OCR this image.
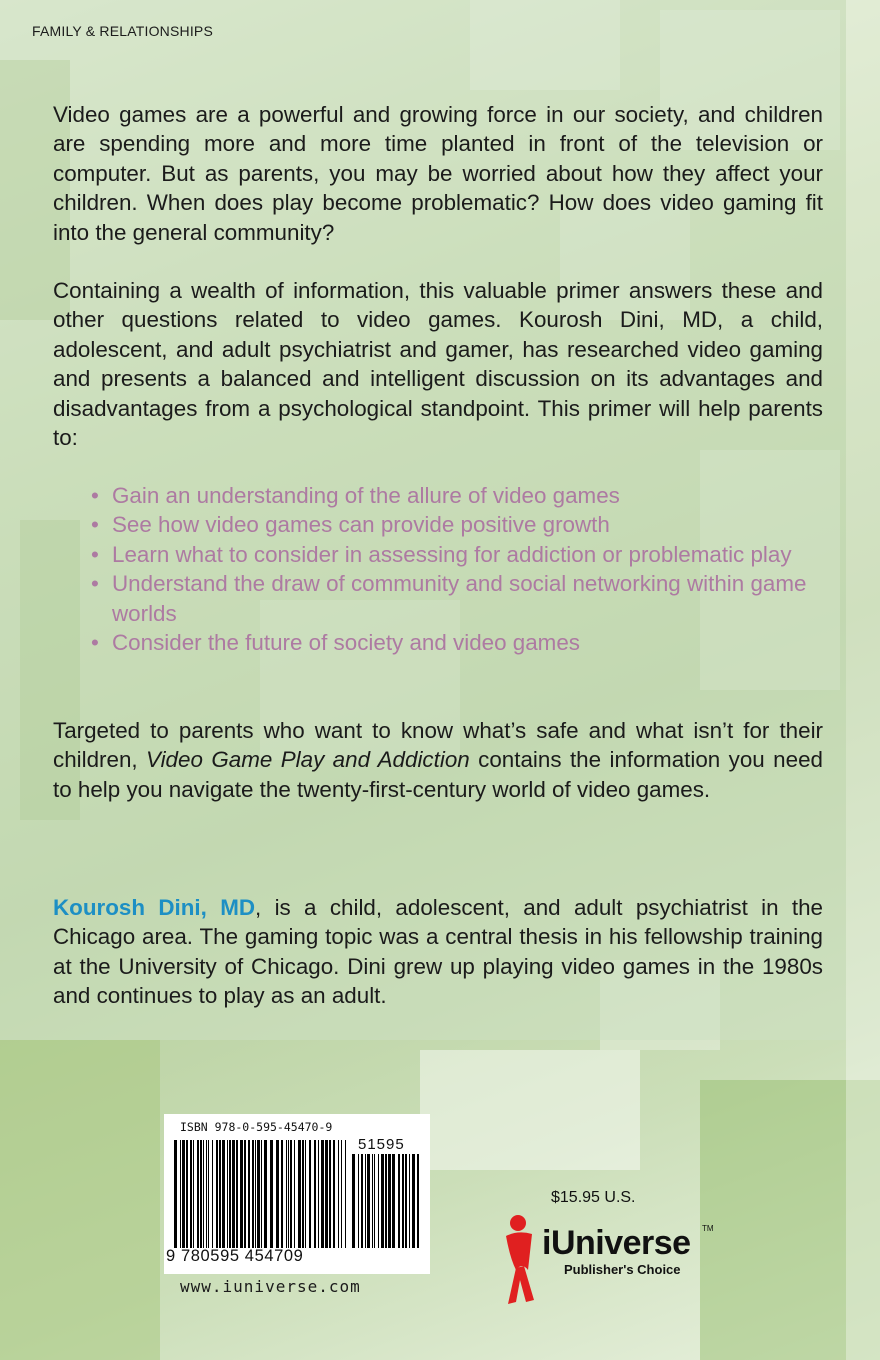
FAMILY & RELATIONSHIPS

Video games are a powerful and growing force in our society, and children are spending more and more time planted in front of the television or computer. But as parents, you may be worried about how they affect your children. When does play become problematic? How does video gaming fit into the general community?

Containing a wealth of information, this valuable primer answers these and other questions related to video games. Kourosh Dini, MD, a child, adolescent, and adult psychiatrist and gamer, has researched video gaming and presents a balanced and intelligent discussion on its advantages and disadvantages from a psychological standpoint. This primer will help parents to:

• Gain an understanding of the allure of video games
• See how video games can provide positive growth
• Learn what to consider in assessing for addiction or problematic play
• Understand the draw of community and social networking within game worlds
• Consider the future of society and video games

Targeted to parents who want to know what’s safe and what isn’t for their children, Video Game Play and Addiction contains the information you need to help you navigate the twenty-first-century world of video games.

Kourosh Dini, MD, is a child, adolescent, and adult psychiatrist in the Chicago area. The gaming topic was a central thesis in his fellowship training at the University of Chicago. Dini grew up playing video games in the 1980s and continues to play as an adult.

ISBN 978-0-595-45470-9
51595
9 780595 454709
www.iuniverse.com
$15.95 U.S.
iUniverse TM
Publisher's Choice
